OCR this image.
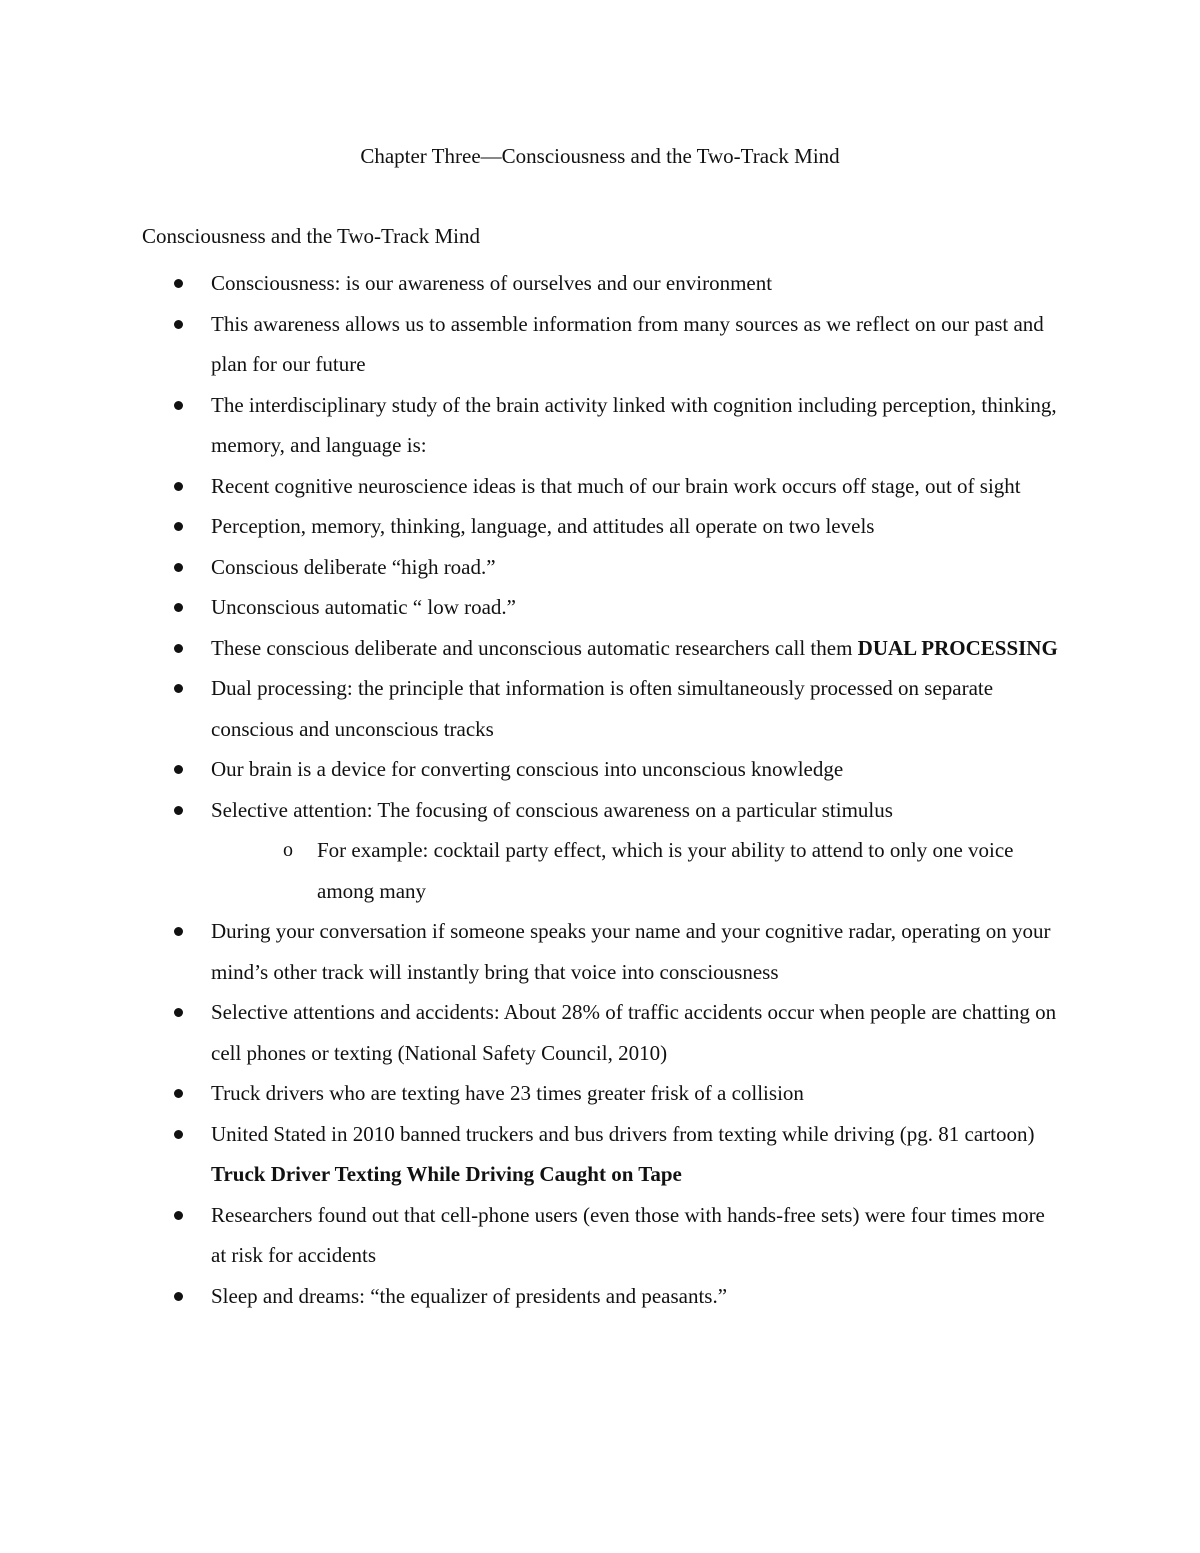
Chapter Three—Consciousness and the Two-Track Mind
Consciousness and the Two-Track Mind
Consciousness: is our awareness of ourselves and our environment
This awareness allows us to assemble information from many sources as we reflect on our past and plan for our future
The interdisciplinary study of the brain activity linked with cognition including perception, thinking, memory, and language is:
Recent cognitive neuroscience ideas is that much of our brain work occurs off stage, out of sight
Perception, memory, thinking, language, and attitudes all operate on two levels
Conscious deliberate “high road.”
Unconscious automatic “ low road.”
These conscious deliberate and unconscious automatic researchers call them DUAL PROCESSING
Dual processing: the principle that information is often simultaneously processed on separate conscious and unconscious tracks
Our brain is a device for converting conscious into unconscious knowledge
Selective attention: The focusing of conscious awareness on a particular stimulus
o For example: cocktail party effect, which is your ability to attend to only one voice among many
During your conversation if someone speaks your name and your cognitive radar, operating on your mind’s other track will instantly bring that voice into consciousness
Selective attentions and accidents: About 28% of traffic accidents occur when people are chatting on cell phones or texting (National Safety Council, 2010)
Truck drivers who are texting have 23 times greater frisk of a collision
United Stated in 2010 banned truckers and bus drivers from texting while driving (pg. 81 cartoon) Truck Driver Texting While Driving Caught on Tape
Researchers found out that cell-phone users (even those with hands-free sets) were four times more at risk for accidents
Sleep and dreams: “the equalizer of presidents and peasants.”
